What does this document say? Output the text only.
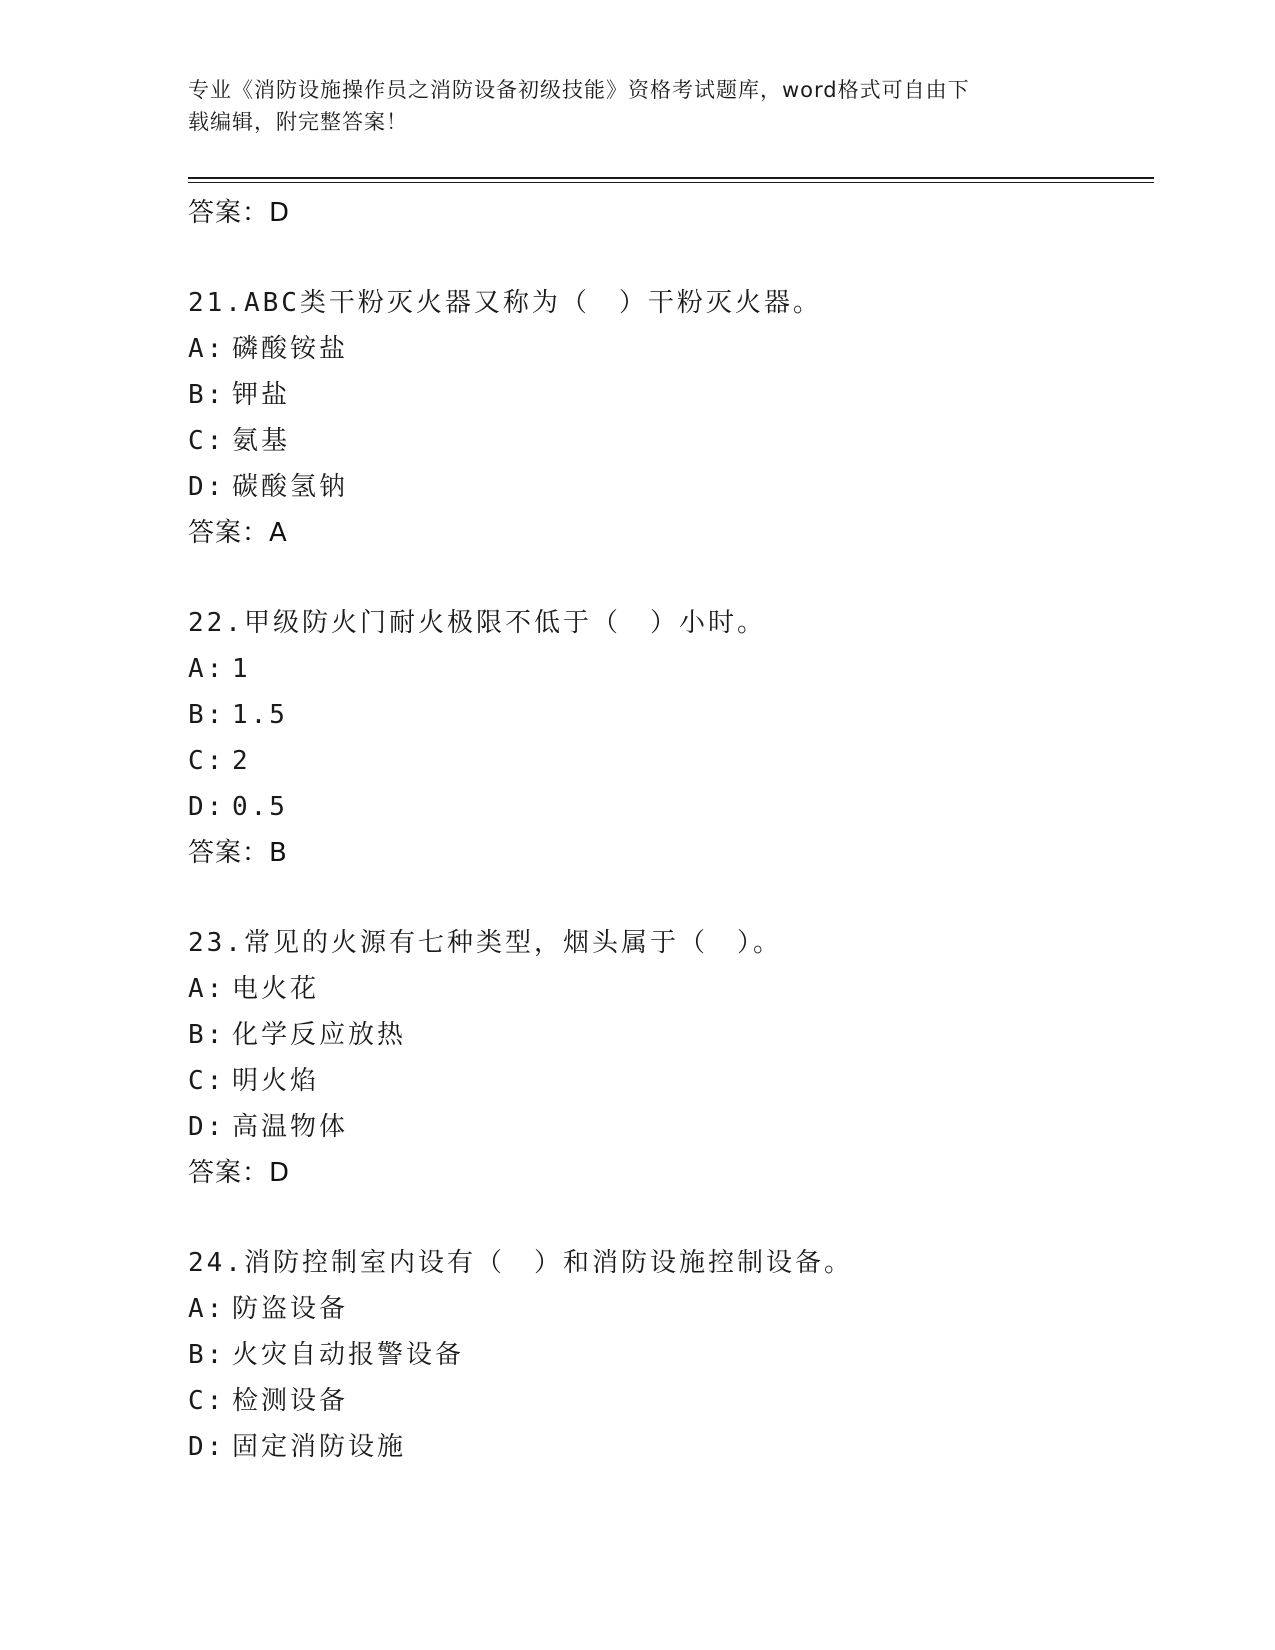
专业《消防设施操作员之消防设备初级技能》资格考试题库，word格式可自由下
载编辑，附完整答案！
答案：D
21.ABC类干粉灭火器又称为（　）干粉灭火器。
A: 磷酸铵盐
B: 钾盐
C: 氨基
D: 碳酸氢钠
答案：A
22.甲级防火门耐火极限不低于（　）小时。
A: 1
B: 1.5
C: 2
D: 0.5
答案：B
23.常见的火源有七种类型，烟头属于（　）。
A: 电火花
B: 化学反应放热
C: 明火焰
D: 高温物体
答案：D
24.消防控制室内设有（　）和消防设施控制设备。
A: 防盗设备
B: 火灾自动报警设备
C: 检测设备
D: 固定消防设施
